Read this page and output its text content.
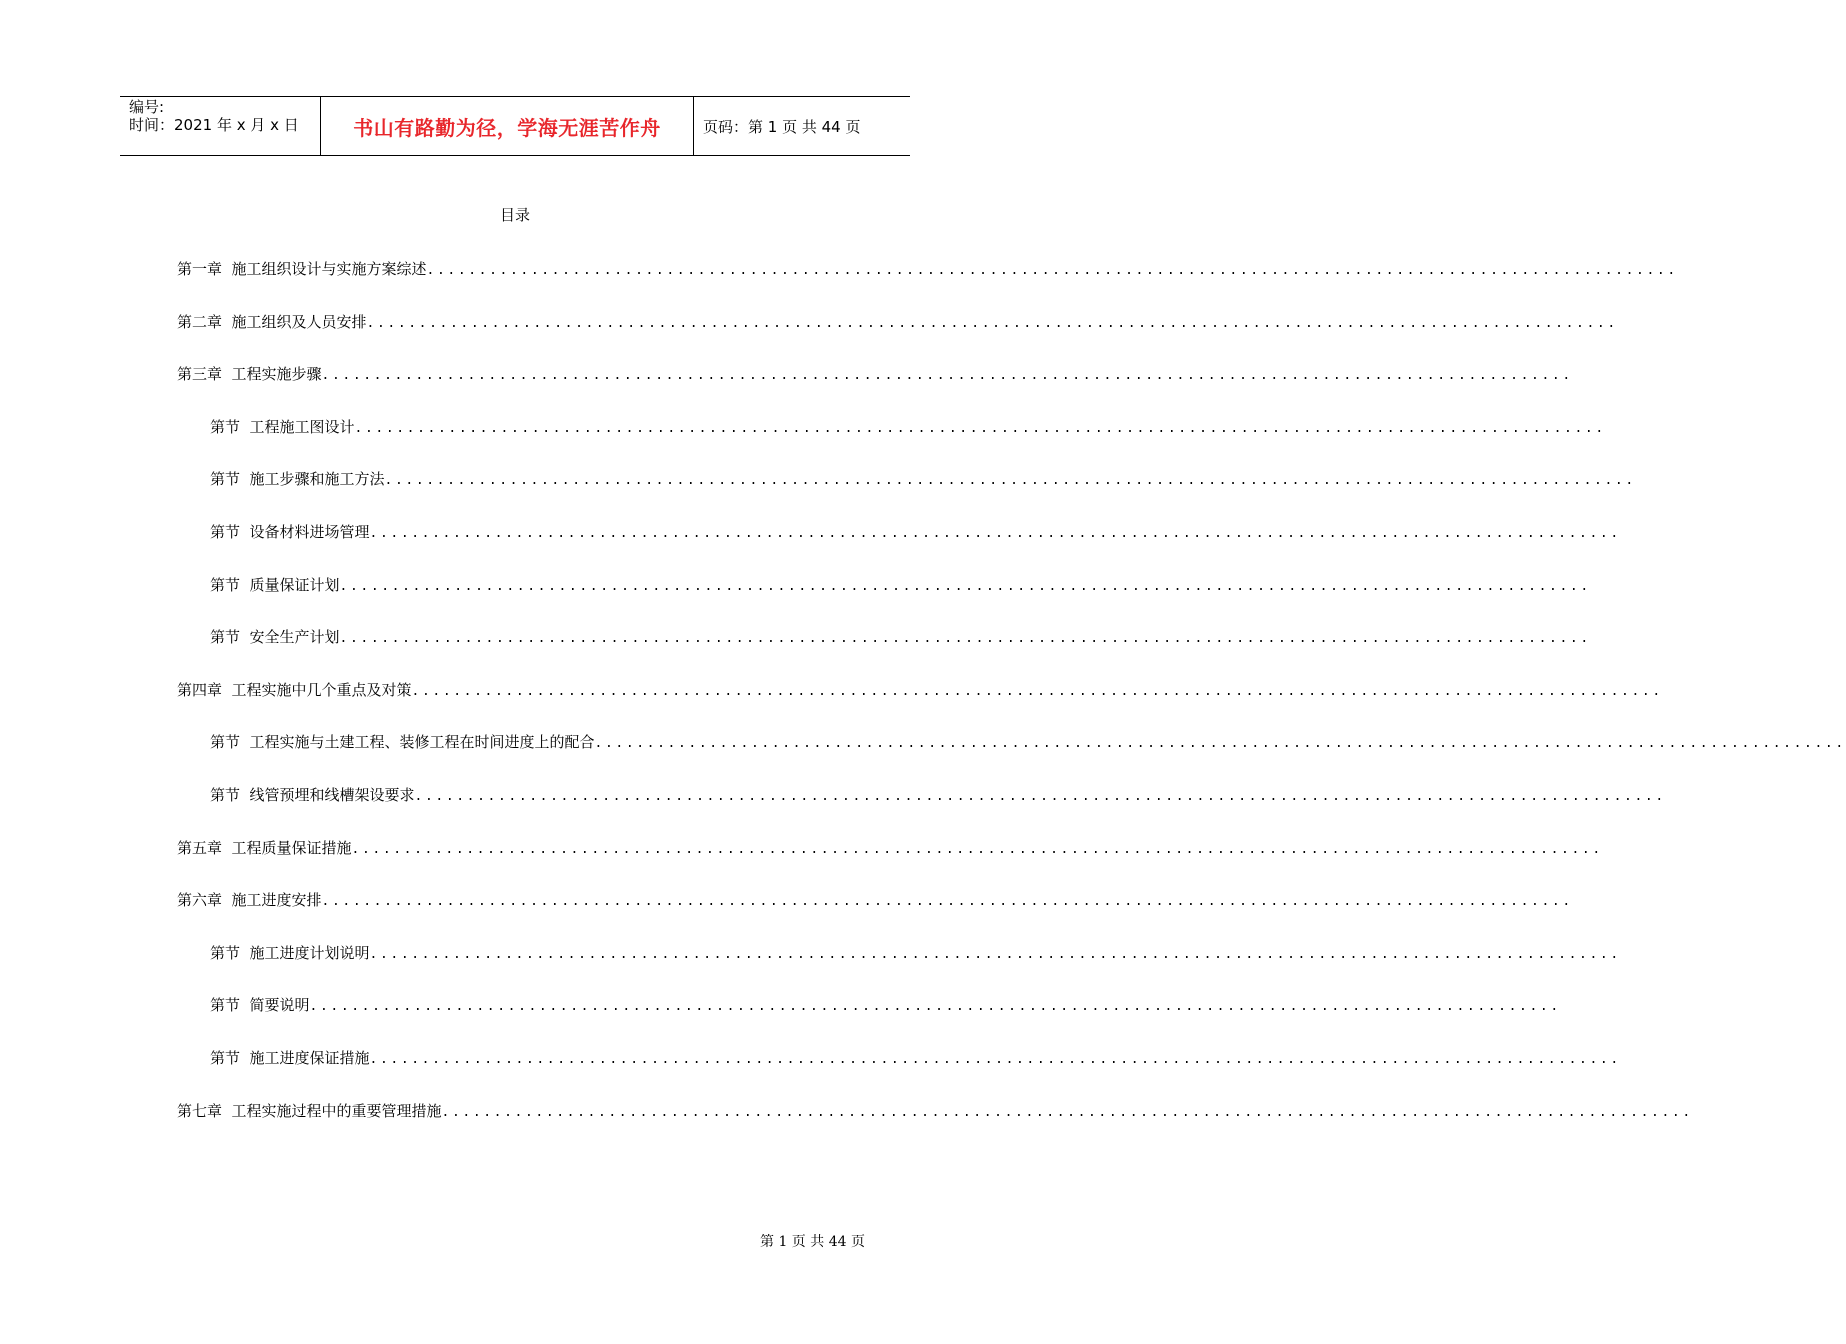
编号:
时间：2021 年 x 月 x 日	书山有路勤为径，学海无涯苦作舟	页码：第 1 页 共 44 页
目录
第一章  施工组织设计与实施方案综述 ........................................................................................................................
第二章  施工组织及人员安排 ........................................................................................................................
第三章  工程实施步骤 ........................................................................................................................
第节  工程施工图设计 ........................................................................................................................
第节  施工步骤和施工方法 ........................................................................................................................
第节  设备材料进场管理 ........................................................................................................................
第节  质量保证计划 ........................................................................................................................
第节  安全生产计划 ........................................................................................................................
第四章  工程实施中几个重点及对策 ........................................................................................................................
第节  工程实施与土建工程、装修工程在时间进度上的配合 ........................................................................................................................
第节  线管预埋和线槽架设要求 ........................................................................................................................
第五章  工程质量保证措施 ........................................................................................................................
第六章  施工进度安排 ........................................................................................................................
第节  施工进度计划说明 ........................................................................................................................
第节  简要说明 ........................................................................................................................
第节  施工进度保证措施 ........................................................................................................................
第七章  工程实施过程中的重要管理措施 ........................................................................................................................
第 1 页 共 44 页
